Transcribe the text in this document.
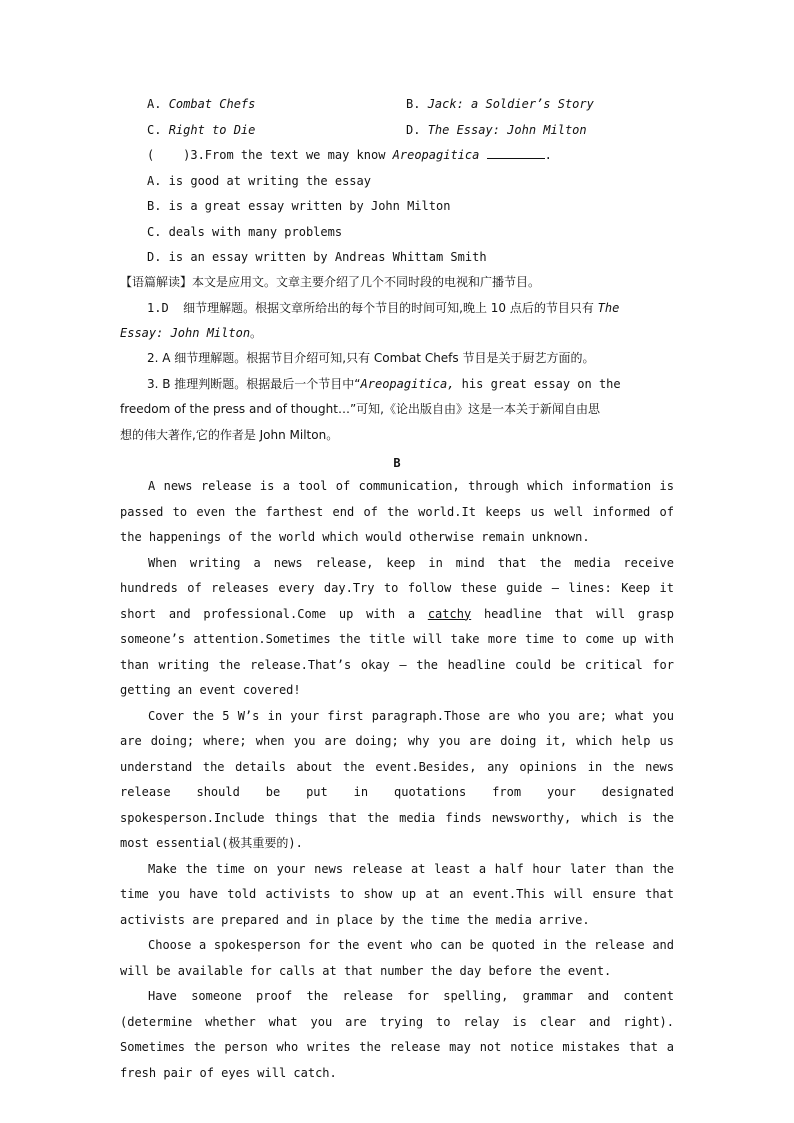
A. Combat Chefs	B. Jack: a Soldier’s Story
C. Right to Die	D. The Essay: John Milton
(    )3.From the text we may know Areopagitica	.
A. is good at writing the essay
B. is a great essay written by John Milton
C. deals with many problems
D. is an essay written by Andreas Whittam Smith
【语篇解读】本文是应用文。文章主要介绍了几个不同时段的电视和广播节目。
1.D  细节理解题。根据文章所给出的每个节目的时间可知,晚上 10 点后的节目只有 The
Essay: John Milton。
2. A 细节理解题。根据节目介绍可知,只有 Combat Chefs 节目是关于厨艺方面的。
3. B 推理判断题。根据最后一个节目中“Areopagitica, his great essay on the
freedom of the press and of thought…”可知,《论出版自由》这是一本关于新闻自由思
想的伟大著作,它的作者是 John Milton。
B

A news release is a tool of communication, through which information is passed to even the farthest end of the world.It keeps us well informed of the happenings of the world which would otherwise remain unknown.

When writing a news release, keep in mind that the media receive hundreds of releases every day.Try to follow these guide — lines: Keep it short and professional.Come up with a catchy headline that will grasp someone’s attention.Sometimes the title will take more time to come up with than writing the release.That’s okay — the headline could be critical for getting an event covered!

Cover the 5 W’s in your first paragraph.Those are who you are; what you are doing; where; when you are doing; why you are doing it, which help us understand the details about the event.Besides, any opinions in the news release should be put in quotations from your designated spokesperson.Include things that the media finds newsworthy, which is the most essential(极其重要的).

Make the time on your news release at least a half hour later than the time you have told activists to show up at an event.This will ensure that activists are prepared and in place by the time the media arrive.

Choose a spokesperson for the event who can be quoted in the release and will be available for calls at that number the day before the event.

Have someone proof the release for spelling, grammar and content (determine whether what you are trying to relay is clear and right). Sometimes the person who writes the release may not notice mistakes that a fresh pair of eyes will catch.
